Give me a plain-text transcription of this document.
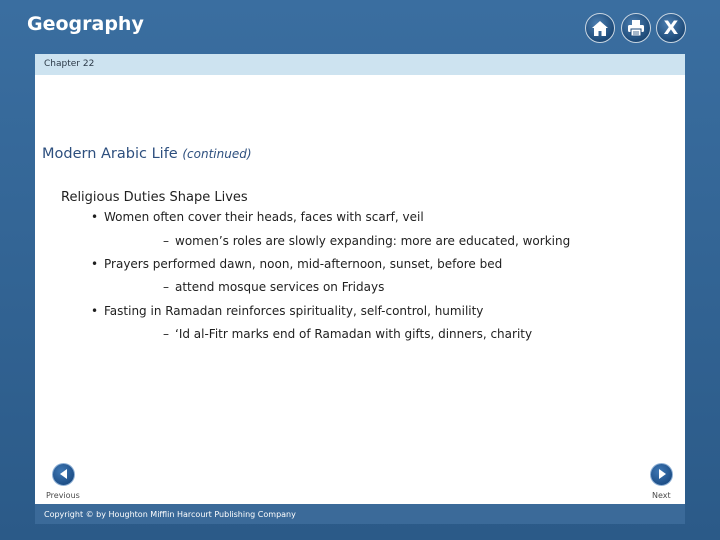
Geography	X
Chapter 22
Modern Arabic Life (continued)
Religious Duties Shape Lives
• Women often cover their heads, faces with scarf, veil
– women’s roles are slowly expanding: more are educated, working
• Prayers performed dawn, noon, mid-afternoon, sunset, before bed
– attend mosque services on Fridays
• Fasting in Ramadan reinforces spirituality, self-control, humility
– ‘Id al-Fitr marks end of Ramadan with gifts, dinners, charity
Previous	Next
Copyright © by Houghton Mifflin Harcourt Publishing Company
